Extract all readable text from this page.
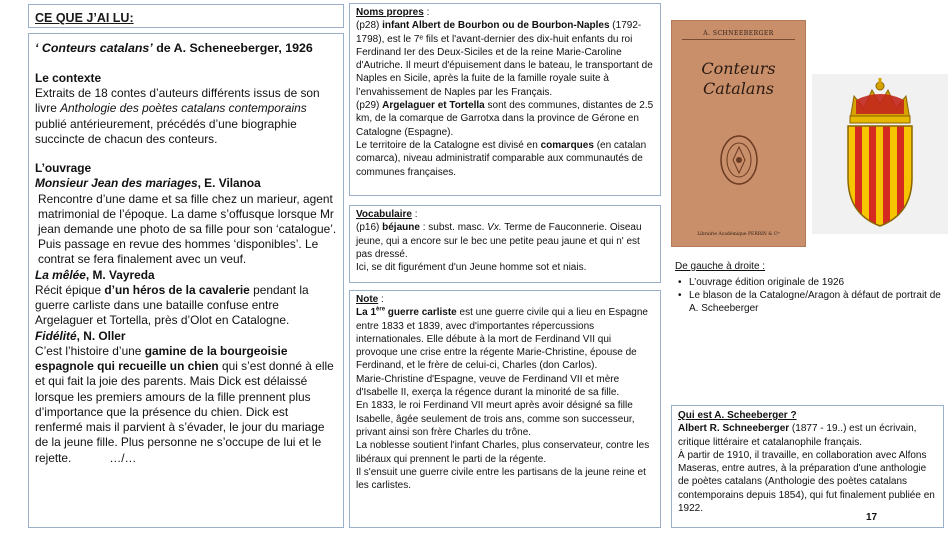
CE QUE J’AI LU:

‘ Conteurs catalans’ de A. Scheneeberger, 1926

Le contexte

Extraits de 18 contes d’auteurs différents issus de son livre Anthologie des poètes catalans contemporains publié antérieurement, précédés d’une biographie succincte de chacun des conteurs.

L’ouvrage

Monsieur Jean des mariages, E. Vilanoa

Rencontre d’une dame et sa fille chez un marieur, agent matrimonial de l’époque. La dame s’offusque lorsque Mr jean demande une photo de sa fille pour son ‘catalogue’. Puis passage en revue des hommes ‘disponibles’. Le contrat se fera finalement avec un veuf.

La mêlée, M. Vayreda

Récit épique d’un héros de la cavalerie pendant la guerre carliste dans une bataille confuse entre Argelaguer et Tortella, près d’Olot en Catalogne.

Fidélité, N. Oller

C’est l’histoire d’une gamine de la bourgeoisie espagnole qui recueille un chien qui s’est donné à elle et qui fait la joie des parents. Mais Dick est délaissé lorsque les premiers amours de la fille prennent plus d’importance que la présence du chien. Dick est renfermé mais il parvient à s’évader, le jour du mariage de la jeune fille. Plus personne ne s’occupe de lui et le rejette.	…/…

Noms propres :

(p28) infant Albert de Bourbon ou de Bourbon-Naples (1792-1798), est le 7ᵉ fils et l'avant-dernier des dix-huit enfants du roi Ferdinand Ier des Deux-Siciles et de la reine Marie-Caroline d'Autriche. Il meurt d'épuisement dans le bateau, le transportant de Naples en Sicile, après la fuite de la famille royale suite à l’envahissement de Naples par les Français.

(p29) Argelaguer et Tortella sont des communes, distantes de 2.5 km, de la comarque de Garrotxa dans la province de Gérone en Catalogne (Espagne).

Le territoire de la Catalogne est divisé en comarques (en catalan comarca), niveau administratif comparable aux communautés de communes françaises.

Vocabulaire :

(p16) béjaune : subst. masc. Vx. Terme de Fauconnerie. Oiseau jeune, qui a encore sur le bec une petite peau jaune et qui n' est pas dressé.

Ici, se dit figurément d'un Jeune homme sot et niais.

Note :

La 1ère guerre carliste est une guerre civile qui a lieu en Espagne entre 1833 et 1839, avec d'importantes répercussions internationales. Elle débute à la mort de Ferdinand VII qui provoque une crise entre la régente Marie-Christine, épouse de Ferdinand, et le frère de celui-ci, Charles (don Carlos).

Marie-Christine d'Espagne, veuve de Ferdinand VII et mère d'Isabelle II, exerça la régence durant la minorité de sa fille.

En 1833, le roi Ferdinand VII meurt après avoir désigné sa fille Isabelle, âgée seulement de trois ans, comme son successeur, privant ainsi son frère Charles du trône.

La noblesse soutient l'infant Charles, plus conservateur, contre les libéraux qui prennent le parti de la régente.

Il s'ensuit une guerre civile entre les partisans de la jeune reine et les carlistes.

A. SCHNEEBERGER
Conteurs
Catalans
Librairie Académique PERRIN & Cⁱᵉ

De gauche à droite :

• L’ouvrage édition originale de 1926
• Le blason de la Catalogne/Aragon à défaut de portrait de A. Scheeberger

Qui est A. Scheeberger ?

Albert R. Schneeberger (1877 - 19..) est un écrivain, critique littéraire et catalanophile français.

À partir de 1910, il travaille, en collaboration avec Alfons Maseras, entre autres, à la préparation d'une anthologie de poètes catalans (Anthologie des poètes catalans contemporains depuis 1854), qui fut finalement publiée en 1922.

17
